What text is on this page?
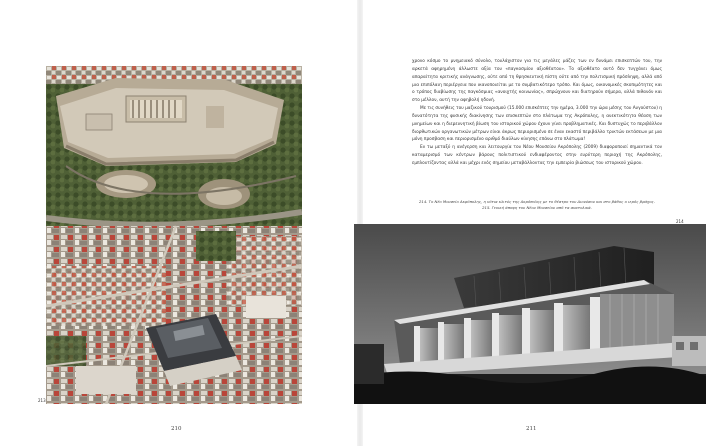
213
210

χρονο κόσμο το μνημειακό σύνολο, τουλάχιστον για τις μεγάλες μάζες των εν δυνάμει επισκεπτών του, την αρκετά αφηρημένη άλλωστε αξία του «παγκοσμίου αξιοθέατου». Το αξιοθέατο αυτό δεν τυγχάνει όμως απαραίτητα κριτικής ανάγνωσης, ούτε από τη θρησκευτική πίστη ούτε από την πολιτισμική πρόσληψη, αλλά από μια επιπόλαιη περιέργεια που ικανοποιείται με το συμβατικότερο τρόπο. Και όμως, οικονομικές σκοπιμότητες και ο τρόπος διαβίωσης της παγκόσμιας «ανοιχτής κοινωνίας», σπρώχνουν και διατηρούν σήμερα, αλλά πιθανόν και στο μέλλον, αυτή την αφηβολή ηδονή.

Με τις συνήθεις του μαζικού τουρισμού (15.000 επισκέπτες την ημέρα, 3.000 την ώρα μέσης του Αυγούστου) η δυνατότητα της φυσικής διακίνησης των επισκεπτών στο πλάτωμα της Ακρόπολης, η ανεκτικότητα θέαση των μνημείων και η διερευνητική βίωση του ιστορικού χώρου έχουν γίνει προβληματικές. Και δυστυχώς το περιβάλλον διορθωτικών οργανωτικών μέτρων είναι άκρως περιορισμένο σε έναν εκαστό περιβάλλο τρικτών εκτάσεων με μια μόνη προσβαση και περιορισμένο αριθμό διαύλων κίνησης επάνω στο πλάτωμα!

Εν τω μεταξύ η ανέγερση και λειτουργία του Νέου Μουσείου Ακρόπολης (2009) διαφοροποιεί σημαντικά τον καταμερισμό των κέντρων βάρους πολιτιστικού ενδιαφέροντος στην ευρύτερη περιοχή της Ακρόπολης, εμπλουτίζοντας αλλά και μέχρι ενός σημείου μεταβάλλοντας την εμπειρία βιώσεως του ιστορικού χώρου.

214. Το Νέο Μουσείο Ακρόπολης, η νότια κλιτύς της Ακρόπολης με το θέατρο του Διονύσου και στο βάθος ο ιερός βράχος.

215. Γενική άποψη του Νέου Μουσείου από τα ανατολικά.

214
211
